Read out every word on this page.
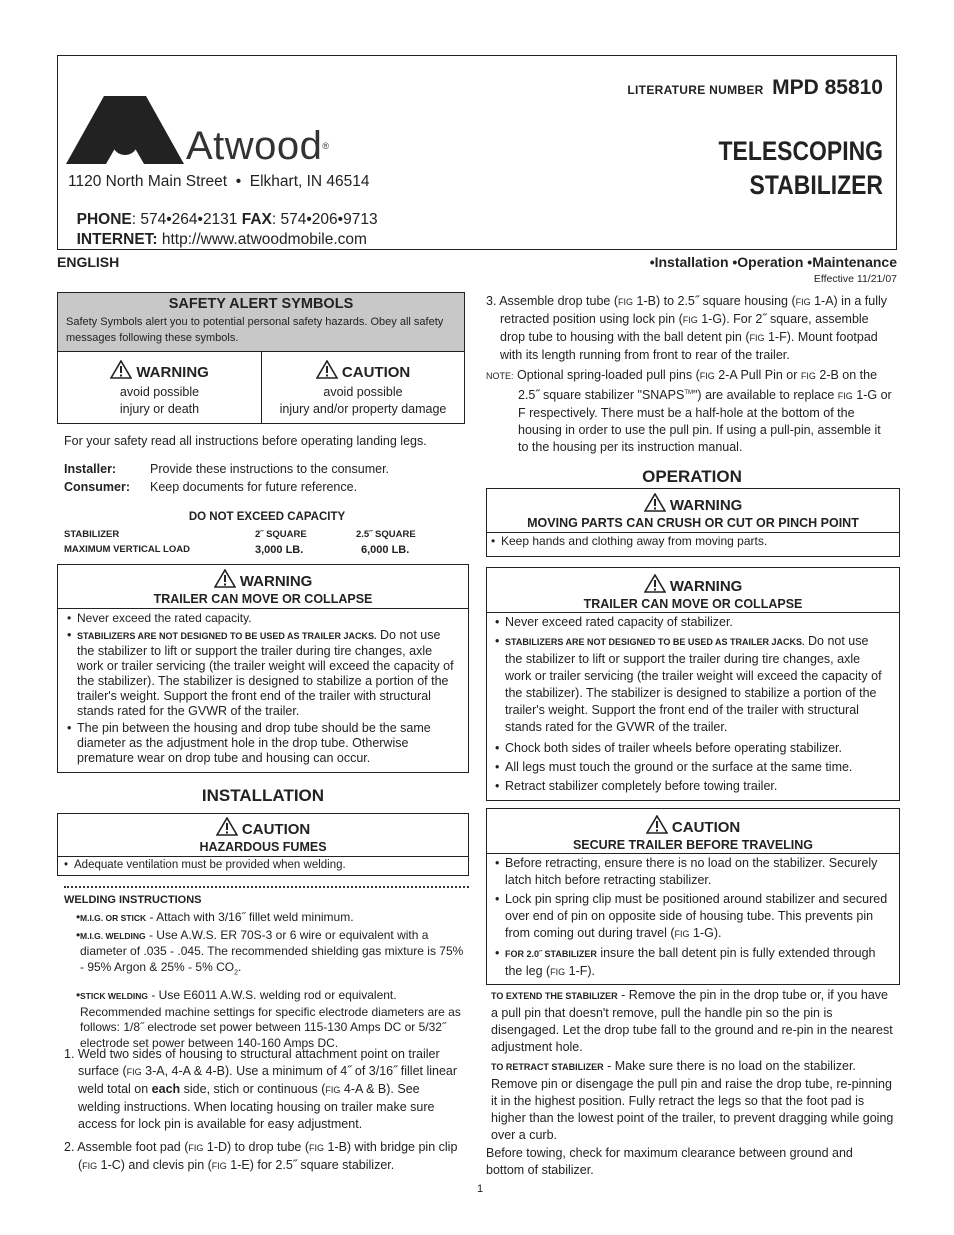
LITERATURE NUMBER MPD 85810
Atwood®
1120 North Main Street  •  Elkhart, IN 46514

PHONE: 574•264•2131 FAX: 574•206•9713

INTERNET: http://www.atwoodmobile.com

TELESCOPING
STABILIZER
ENGLISH	•Installation •Operation •Maintenance
Effective 11/21/07
SAFETY ALERT SYMBOLS
Safety Symbols alert you to potential personal safety hazards. Obey all safety messages following these symbols.
WARNING
avoid possible
injury or death
CAUTION
avoid possible
injury and/or property damage
For your safety read all instructions before operating landing legs.
Installer:	Provide these instructions to the consumer.
Consumer: Keep documents for future reference.
DO NOT EXCEED CAPACITY
STABILIZER	2˝ SQUARE	2.5˝ SQUARE
MAXIMUM VERTICAL LOAD	3,000 LB.	6,000 LB.
WARNING
TRAILER CAN MOVE OR COLLAPSE

• Never exceed the rated capacity.

• STABILIZERS ARE NOT DESIGNED TO BE USED AS TRAILER JACKS. Do not use the stabilizer to lift or support the trailer during tire changes, axle work or trailer servicing (the trailer weight will exceed the capacity of the stabilizer). The stabilizer is designed to stabilize a portion of the trailer's weight. Support the front end of the trailer with structural stands rated for the GVWR of the trailer.

• The pin between the housing and drop tube should be the same diameter as the adjustment hole in the drop tube. Otherwise premature wear on drop tube and housing can occur.

INSTALLATION
CAUTION
HAZARDOUS FUMES

• Adequate ventilation must be provided when welding.

WELDING INSTRUCTIONS

• M.I.G. OR STICK - Attach with 3/16˝ fillet weld minimum.

• M.I.G. WELDING - Use A.W.S. ER 70S-3 or 6 wire or equivalent with a diameter of .035 - .045. The recommended shielding gas mixture is 75% - 95% Argon & 25% - 5% $CO_2$.

• STICK WELDING - Use E6011 A.W.S. welding rod or equivalent. Recommended machine settings for specific electrode diameters are as follows: 1/8˝ electrode set power between 115-130 Amps DC or 5/32˝ electrode set power between 140-160 Amps DC.

1. Weld two sides of housing to structural attachment point on trailer surface (FIG 3-A, 4-A & 4-B). Use a minimum of 4˝ of 3/16˝ fillet linear weld total on each side, stich or continuous (FIG 4-A & B). See welding instructions. When locating housing on trailer make sure access for lock pin is available for easy adjustment.

2. Assemble foot pad (FIG 1-D) to drop tube (FIG 1-B) with bridge pin clip (FIG 1-C) and clevis pin (FIG 1-E) for 2.5˝ square stabilizer.

3. Assemble drop tube (FIG 1-B) to 2.5˝ square housing (FIG 1-A) in a fully retracted position using lock pin (FIG 1-G). For 2˝ square, assemble drop tube to housing with the ball detent pin (FIG 1-F). Mount footpad with its length running from front to rear of the trailer.
NOTE: Optional spring-loaded pull pins (FIG 2-A Pull Pin or FIG 2-B on the 2.5˝ square stabilizer "SNAPS™") are available to replace FIG 1-G or F respectively. There must be a half-hole at the bottom of the housing in order to use the pull pin. If using a pull-pin, assemble it to the housing per its instruction manual.
OPERATION
WARNING
MOVING PARTS CAN CRUSH OR CUT OR PINCH POINT

• Keep hands and clothing away from moving parts.

WARNING
TRAILER CAN MOVE OR COLLAPSE

• Never exceed rated capacity of stabilizer.

• STABILIZERS ARE NOT DESIGNED TO BE USED AS TRAILER JACKS. Do not use the stabilizer to lift or support the trailer during tire changes, axle work or trailer servicing (the trailer weight will exceed the capacity of the stabilizer). The stabilizer is designed to stabilize a portion of the trailer's weight. Support the front end of the trailer with structural stands rated for the GVWR of the trailer.

• Chock both sides of trailer wheels before operating stabilizer.

• All legs must touch the ground or the surface at the same time.

• Retract stabilizer completely before towing trailer.

CAUTION
SECURE TRAILER BEFORE TRAVELING

• Before retracting, ensure there is no load on the stabilizer. Securely latch hitch before retracting stabilizer.

• Lock pin spring clip must be positioned around stabilizer and secured over end of pin on opposite side of housing tube. This prevents pin from coming out during travel (FIG 1-G).

• FOR 2.0˝ STABILIZER insure the ball detent pin is fully extended through the leg (FIG 1-F).

TO EXTEND THE STABILIZER - Remove the pin in the drop tube or, if you have a pull pin that doesn't remove, pull the handle pin so the pin is disengaged. Let the drop tube fall to the ground and re-pin in the nearest adjustment hole.
TO RETRACT STABILIZER - Make sure there is no load on the stabilizer. Remove pin or disengage the pull pin and raise the drop tube, re-pinning it in the highest position. Fully retract the legs so that the foot pad is higher than the lowest point of the trailer, to prevent dragging while going over a curb.
Before towing, check for maximum clearance between ground and bottom of stabilizer.
1
